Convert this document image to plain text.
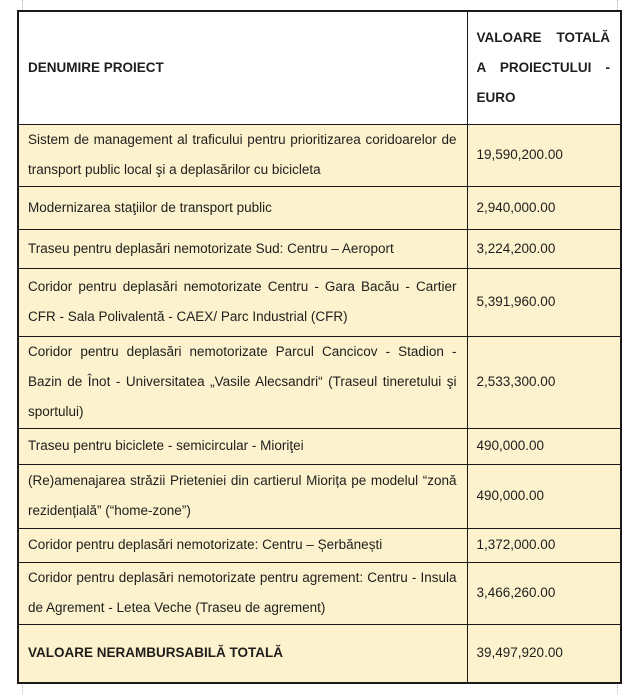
DENUMIRE PROIECT	VALOARE TOTALĂ A PROIECTULUI -EURO
Sistem de management al traficului pentru prioritizarea coridoarelor de transport public local şi a deplasărilor cu bicicleta	19,590,200.00
Modernizarea staţiilor de transport public	2,940,000.00
Traseu pentru deplasări nemotorizate Sud: Centru – Aeroport	3,224,200.00
Coridor pentru deplasări nemotorizate Centru - Gara Bacău - Cartier CFR - Sala Polivalentă - CAEX/ Parc Industrial (CFR)	5,391,960.00
Coridor pentru deplasări nemotorizate Parcul Cancicov - Stadion - Bazin de Înot - Universitatea „Vasile Alecsandri“ (Traseul tineretului şi sportului)	2,533,300.00
Traseu pentru biciclete - semicircular - Mioriţei	490,000.00
(Re)amenajarea străzii Prieteniei din cartierul Miorița pe modelul “zonă rezidențială” (“home-zone”)	490,000.00
Coridor pentru deplasări nemotorizate: Centru – Șerbănești	1,372,000.00
Coridor pentru deplasări nemotorizate pentru agrement: Centru - Insula de Agrement - Letea Veche (Traseu de agrement)	3,466,260.00
VALOARE NERAMBURSABILĂ TOTALĂ	39,497,920.00
